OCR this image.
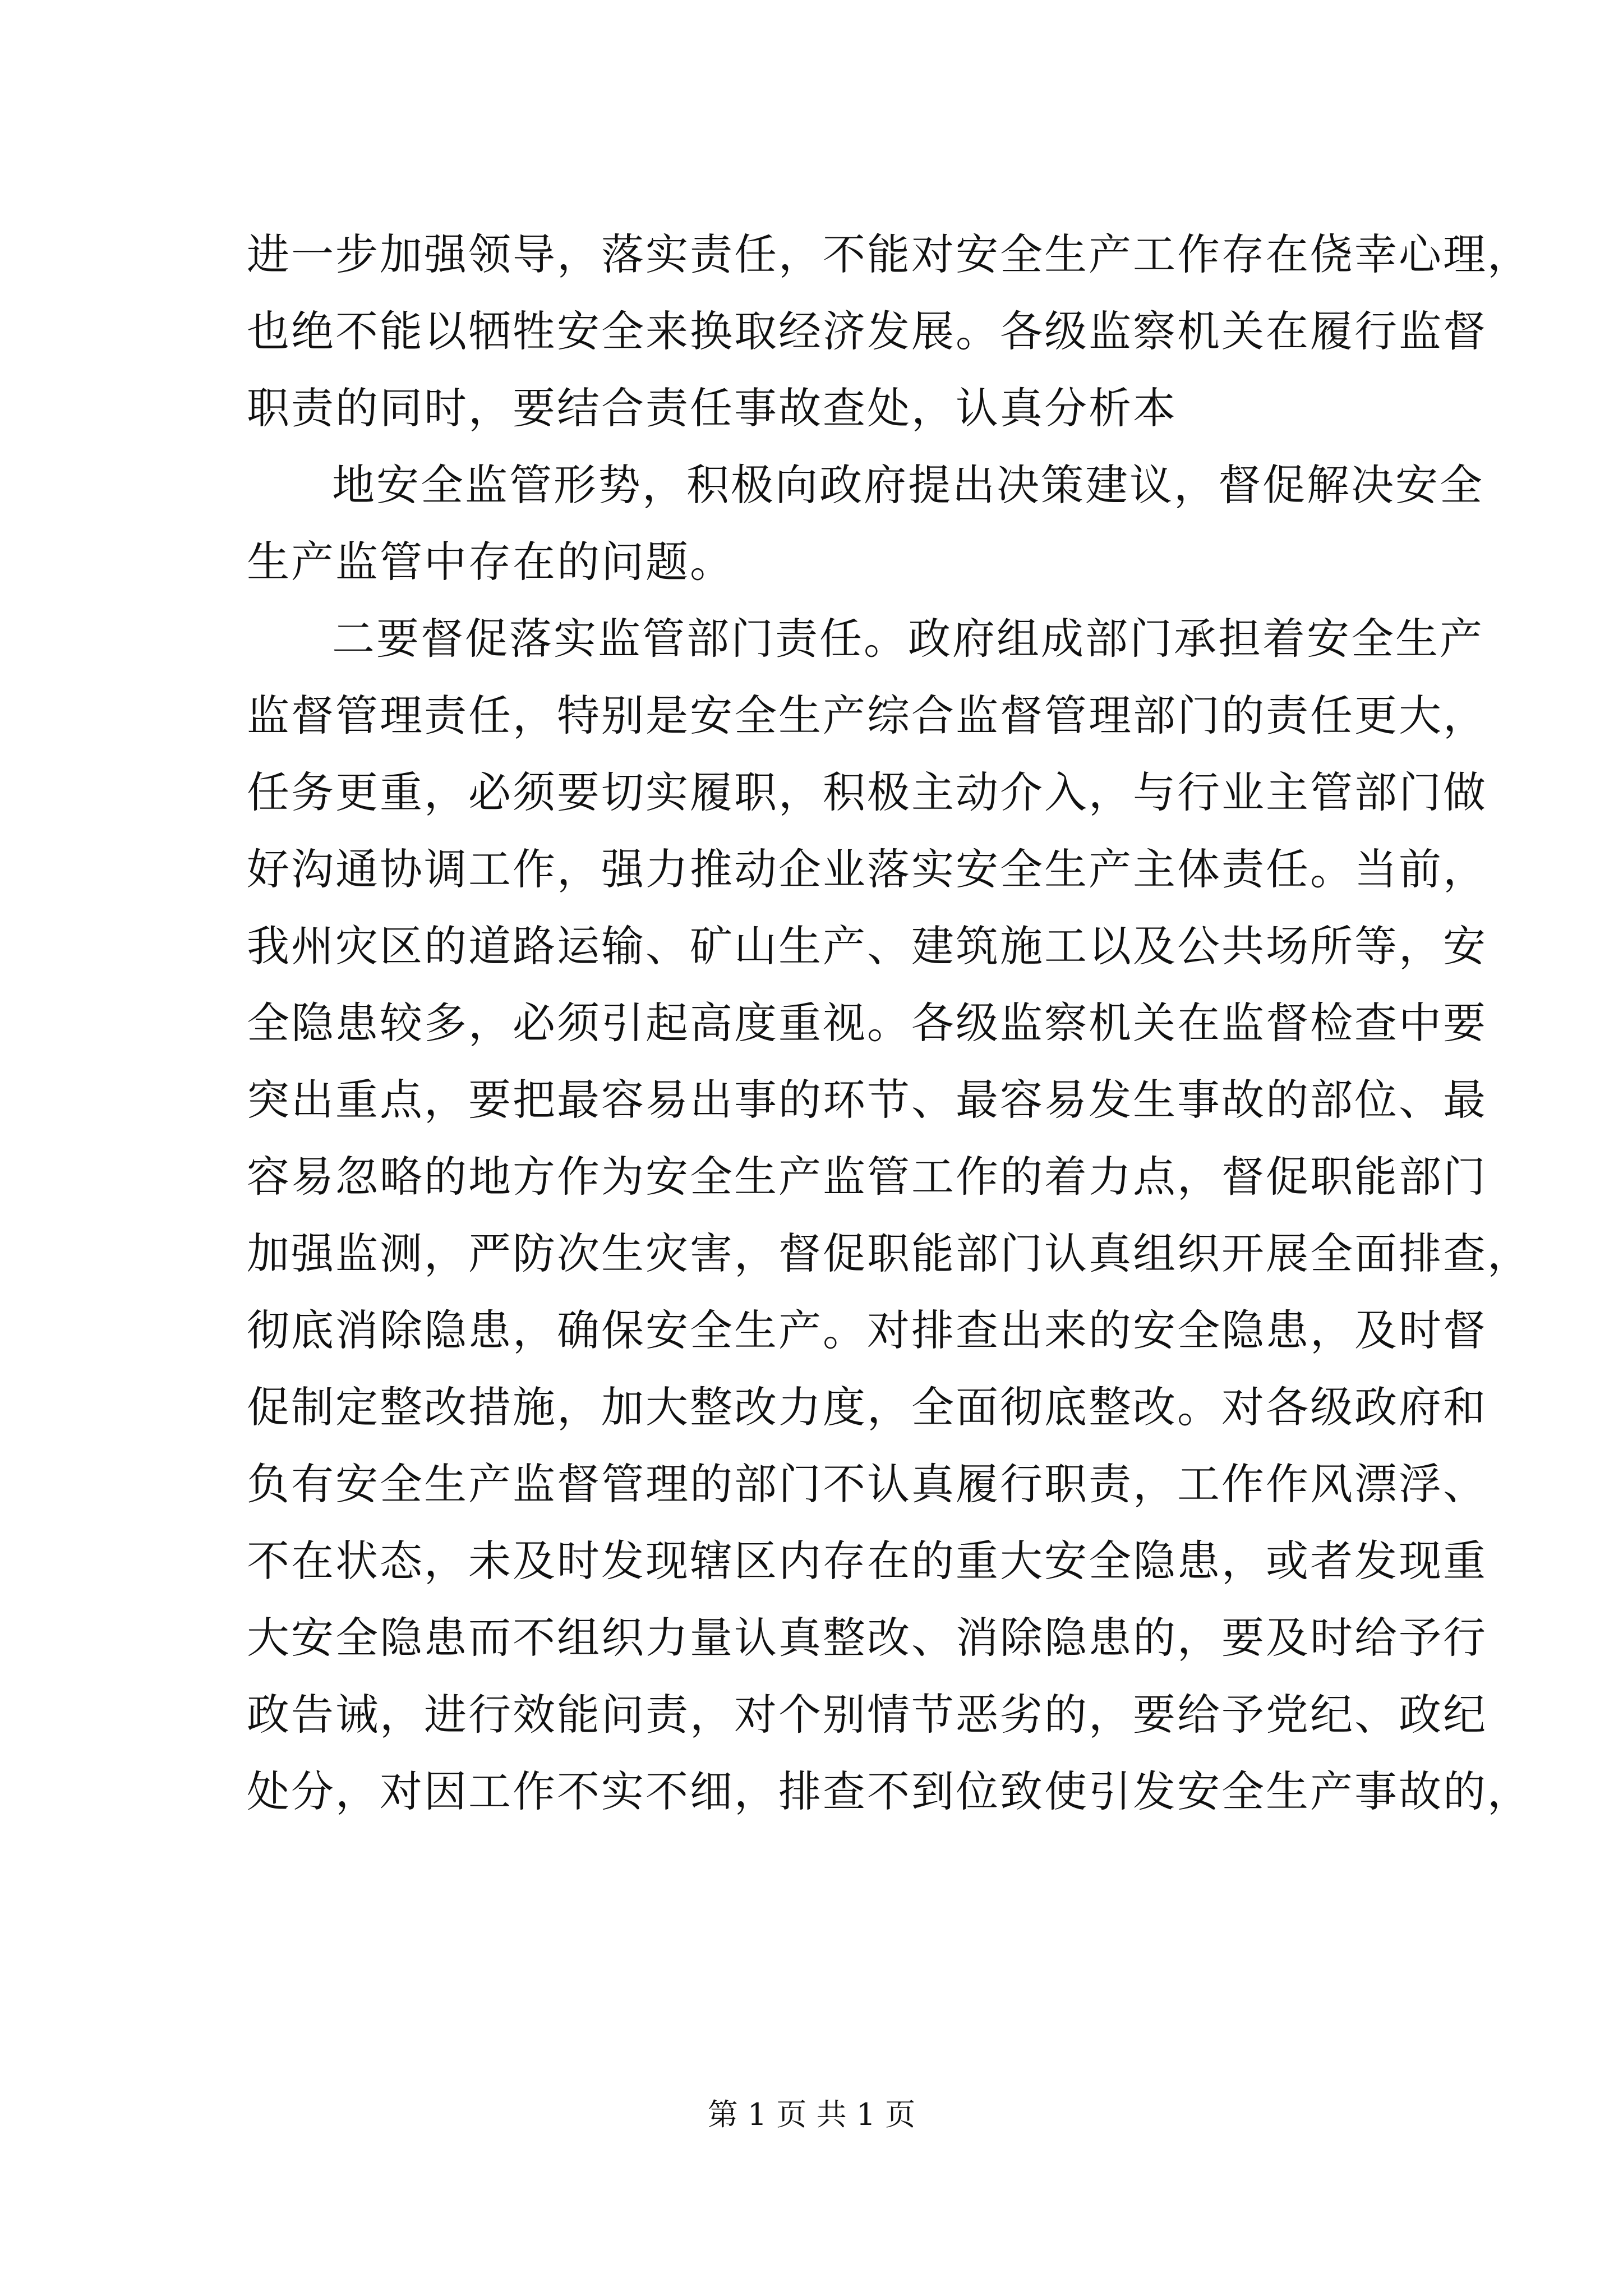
进一步加强领导，落实责任，不能对安全生产工作存在侥幸心理，
也绝不能以牺牲安全来换取经济发展。各级监察机关在履行监督
职责的同时，要结合责任事故查处，认真分析本
地安全监管形势，积极向政府提出决策建议，督促解决安全
生产监管中存在的问题。
二要督促落实监管部门责任。政府组成部门承担着安全生产
监督管理责任，特别是安全生产综合监督管理部门的责任更大，
任务更重，必须要切实履职，积极主动介入，与行业主管部门做
好沟通协调工作，强力推动企业落实安全生产主体责任。当前，
我州灾区的道路运输、矿山生产、建筑施工以及公共场所等，安
全隐患较多，必须引起高度重视。各级监察机关在监督检查中要
突出重点，要把最容易出事的环节、最容易发生事故的部位、最
容易忽略的地方作为安全生产监管工作的着力点，督促职能部门
加强监测，严防次生灾害，督促职能部门认真组织开展全面排查，
彻底消除隐患，确保安全生产。对排查出来的安全隐患，及时督
促制定整改措施，加大整改力度，全面彻底整改。对各级政府和
负有安全生产监督管理的部门不认真履行职责，工作作风漂浮、
不在状态，未及时发现辖区内存在的重大安全隐患，或者发现重
大安全隐患而不组织力量认真整改、消除隐患的，要及时给予行
政告诫，进行效能问责，对个别情节恶劣的，要给予党纪、政纪
处分，对因工作不实不细，排查不到位致使引发安全生产事故的，
第 1 页 共 1 页
